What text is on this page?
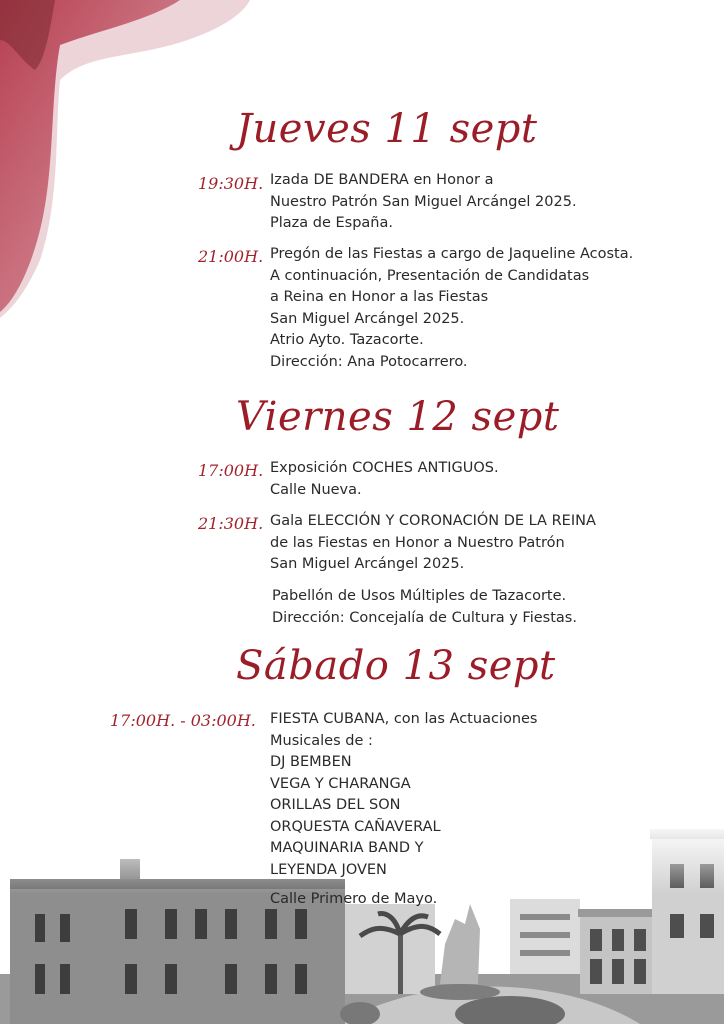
Jueves 11 sept
Viernes 12 sept
Sábado 13 sept
19:30H. Izada DE BANDERA en Honor a
Nuestro Patrón San Miguel Arcángel 2025.
Plaza de España.
21:00H. Pregón de las Fiestas a cargo de Jaqueline Acosta.
A continuación, Presentación de Candidatas
a Reina en Honor a las Fiestas
San Miguel Arcángel 2025.
Atrio Ayto. Tazacorte.
Dirección: Ana Potocarrero.
17:00H. Exposición COCHES ANTIGUOS.
Calle Nueva.
21:30H. Gala ELECCIÓN Y CORONACIÓN DE LA REINA
de las Fiestas en Honor a Nuestro Patrón
San Miguel Arcángel 2025.
Pabellón de Usos Múltiples de Tazacorte.
Dirección: Concejalía de Cultura y Fiestas.
17:00H. - 03:00H. FIESTA CUBANA, con las Actuaciones
Musicales de :
DJ BEMBEN
VEGA Y CHARANGA
ORILLAS DEL SON
ORQUESTA CAÑAVERAL
MAQUINARIA BAND Y
LEYENDA JOVEN
Calle Primero de Mayo.
